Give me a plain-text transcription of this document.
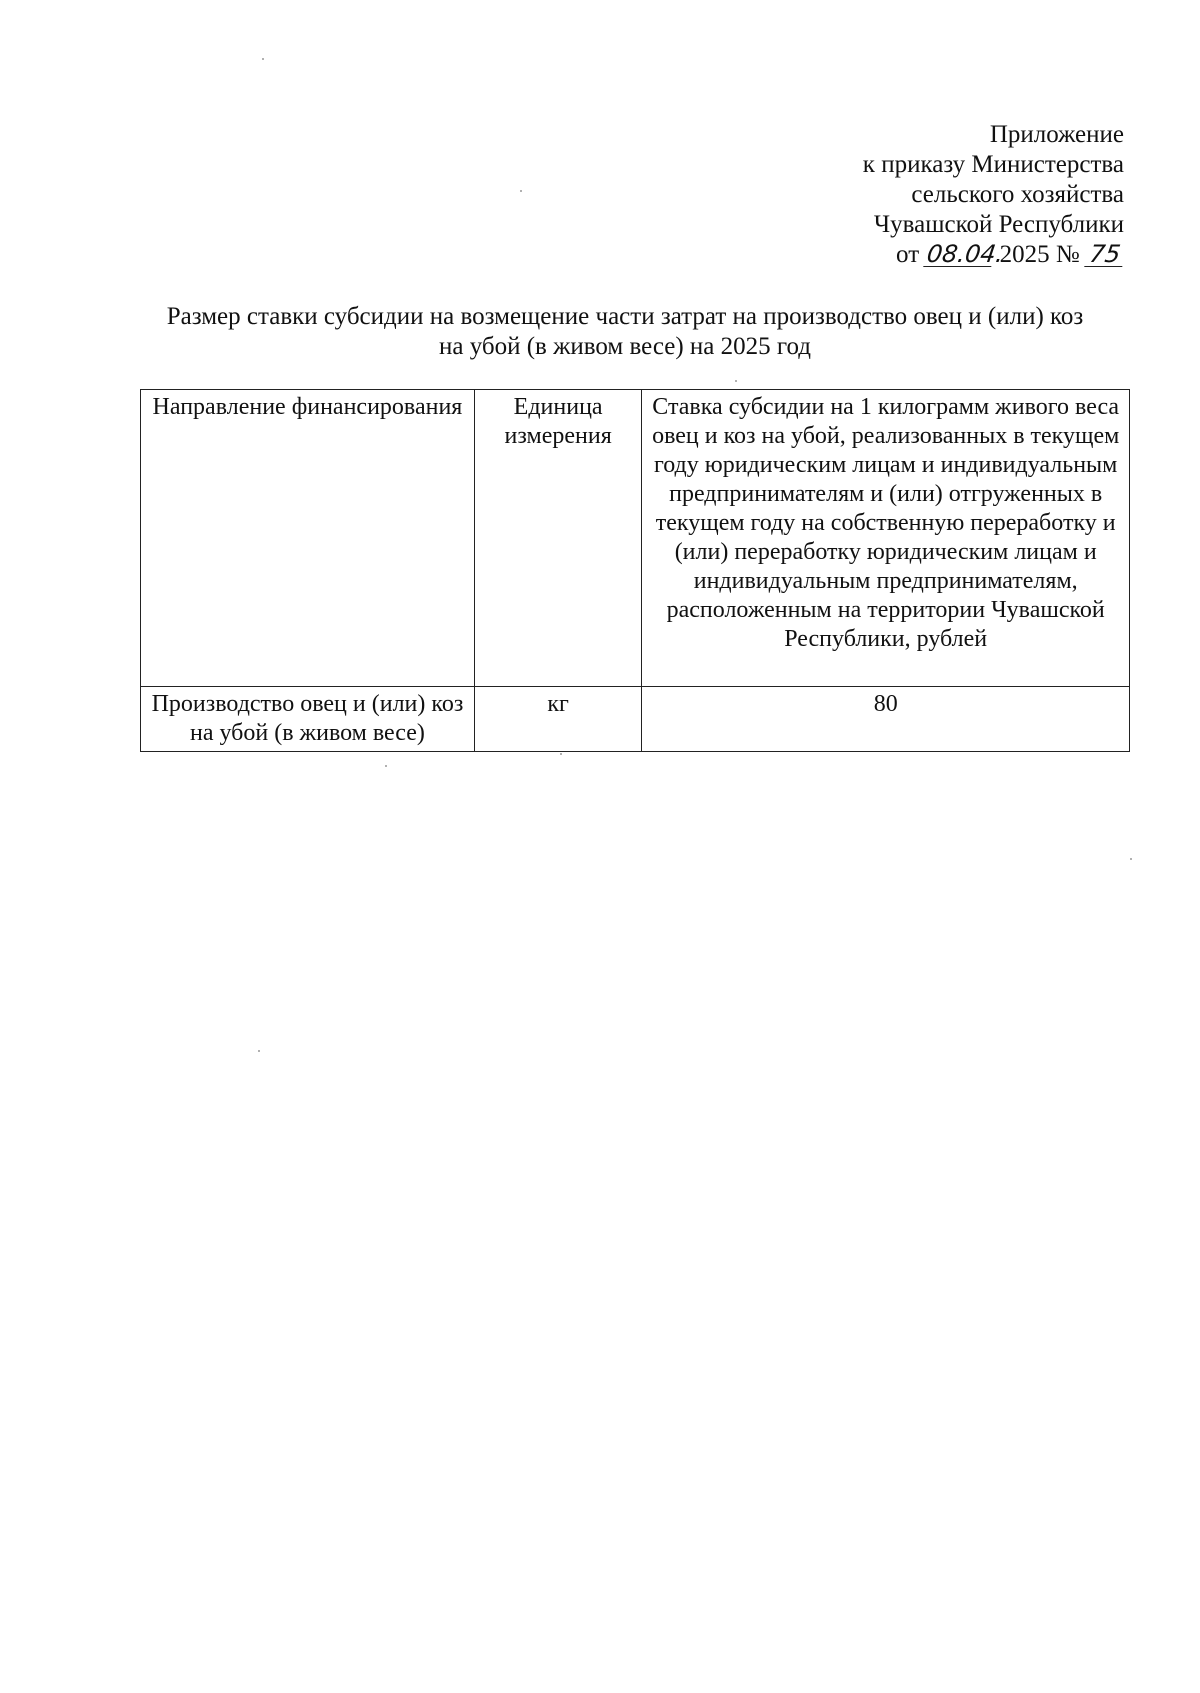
Приложение
к приказу Министерства
сельского хозяйства
Чувашской Республики
от 08.04. 2025 № 75
Размер ставки субсидии на возмещение части затрат на производство овец и (или) коз
на убой (в живом весе) на 2025 год
Направление финансирования	Единица измерения	Ставка субсидии на 1 килограмм живого веса овец и коз на убой, реализованных в текущем году юридическим лицам и индивидуальным предпринимателям и (или) отгруженных в текущем году на собственную переработку и (или) переработку юридическим лицам и индивидуальным предпринимателям, расположенным на территории Чувашской Республики, рублей
Производство овец и (или) коз на убой (в живом весе)	кг	80
